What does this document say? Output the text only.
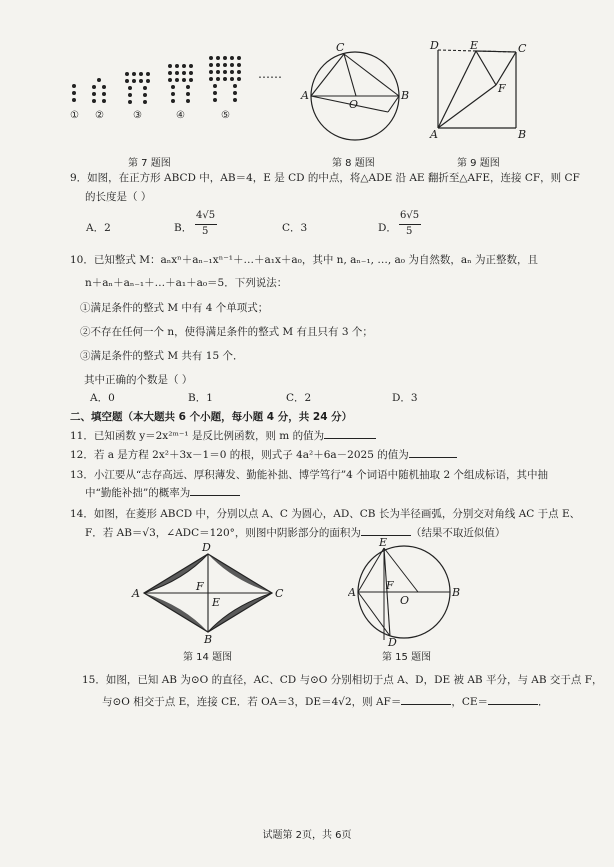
① ②	③	④	⑤
……
第 7 题图
C
A
O
B
第 8 题图
D	E	C
F
A	B
第 9 题图
9．如图，在正方形 ABCD 中，AB＝4，E 是 CD 的中点，将△ADE 沿 AE 翻折至△AFE，连接 CF，则 CF
的长度是（ ）
A．2	B．
4√5
5	C．3	D．
6√5
5
10．已知整式 M：aₙxⁿ＋aₙ₋₁xⁿ⁻¹＋…＋a₁x＋a₀，其中 n, aₙ₋₁, …, a₀ 为自然数，aₙ 为正整数，且
n＋aₙ＋aₙ₋₁＋…＋a₁＋a₀＝5．下列说法：
①满足条件的整式 M 中有 4 个单项式；
②不存在任何一个 n，使得满足条件的整式 M 有且只有 3 个；
③满足条件的整式 M 共有 15 个．
其中正确的个数是（ ）
A．0	B．1	C．2	D．3
二、填空题（本大题共 6 个小题，每小题 4 分，共 24 分）
11．已知函数 y＝2x²ᵐ⁻¹ 是反比例函数，则 m 的值为
12．若 a 是方程 2x²＋3x－1＝0 的根，则式子 4a²＋6a－2025 的值为
13．小江要从“志存高远、厚积薄发、勤能补拙、博学笃行”4 个词语中随机抽取 2 个组成标语，其中抽
中“勤能补拙”的概率为
14．如图，在菱形 ABCD 中，分别以点 A、C 为圆心，AD、CB 长为半径画弧，分别交对角线 AC 于点 E、
F．若 AB＝√3，∠ADC＝120°，则图中阴影部分的面积为	（结果不取近似值）
D
A
F
E
C
B
第 14 题图
E
A
F
O
B
D
第 15 题图
15．如图，已知 AB 为⊙O 的直径，AC、CD 与⊙O 分别相切于点 A、D，DE 被 AB 平分，与 AB 交于点 F，
与⊙O 相交于点 E，连接 CE．若 OA＝3，DE＝4√2，则 AF＝	，CE＝	．
试题第 2页，共 6页
